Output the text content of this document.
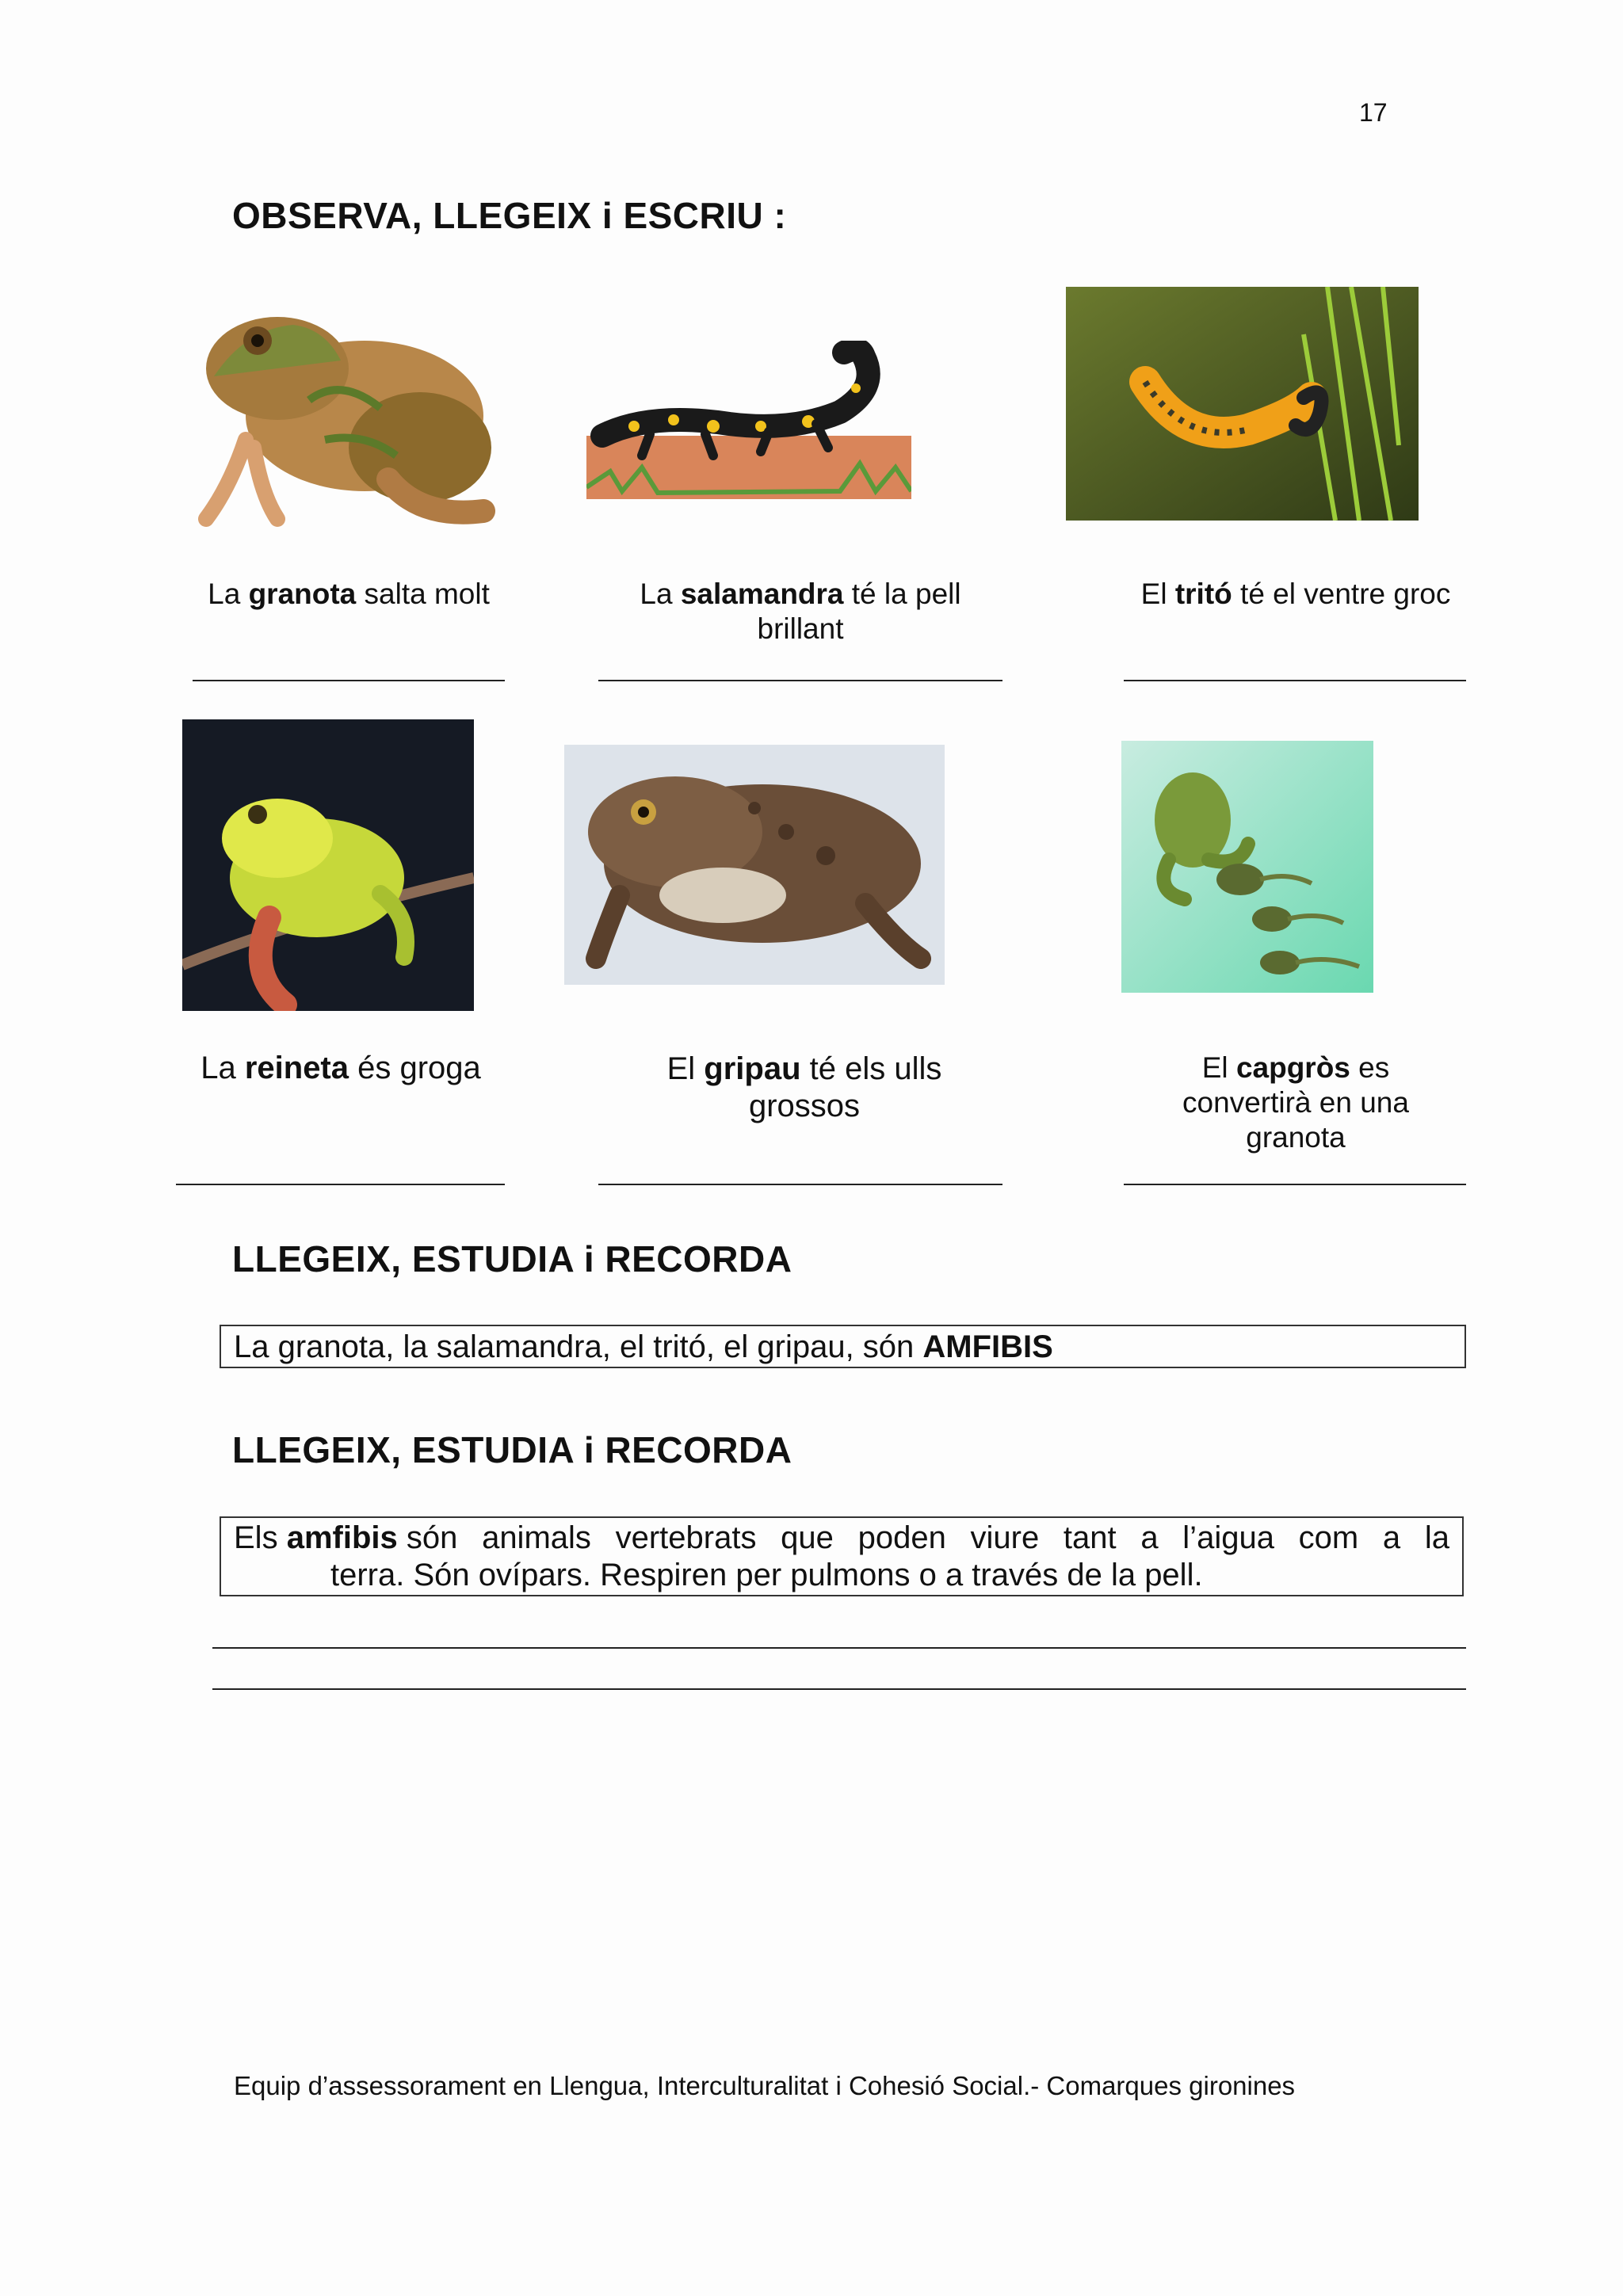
17
OBSERVA, LLEGEIX i ESCRIU :
La granota salta molt	La salamandra té la pell brillant
El tritó té el ventre groc
La reineta és groga	El gripau té els ulls grossos
El capgròs es convertirà en una granota
LLEGEIX, ESTUDIA i RECORDA
La granota, la salamandra, el tritó, el gripau, són AMFIBIS
LLEGEIX, ESTUDIA i RECORDA
Els
amfibis
són animals vertebrats que poden viure tant a l’aigua com a la
terra. Són ovípars. Respiren per pulmons o a través de la pell.
Equip d’assessorament en Llengua, Interculturalitat i Cohesió Social.- Comarques gironines
